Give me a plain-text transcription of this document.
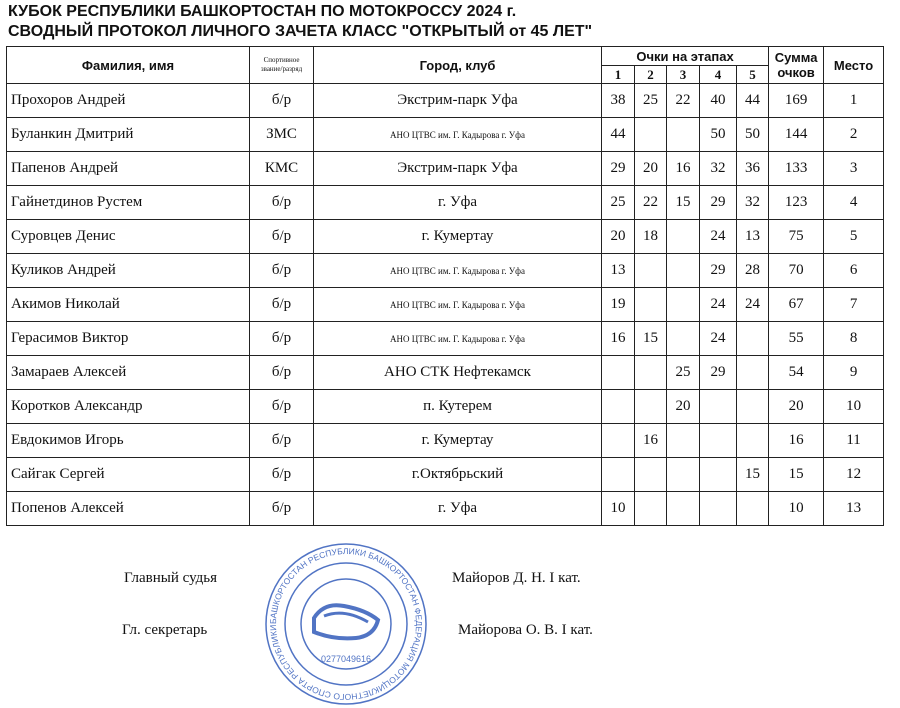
КУБОК РЕСПУБЛИКИ БАШКОРТОСТАН ПО МОТОКРОССУ 2024 г.
СВОДНЫЙ ПРОТОКОЛ ЛИЧНОГО ЗАЧЕТА КЛАСС "ОТКРЫТЫЙ от 45 ЛЕТ"
Фамилия, имя	Спортивное
звание/разряд	Город, клуб	Очки на этапах					Сумма
очков	Место
			1	2	3	4	5		
Прохоров Андрей	б/р	Экстрим-парк Уфа	38	25	22	40	44	169	1
Буланкин Дмитрий	ЗМС	АНО ЦТВС им. Г. Кадырова г. Уфа	44			50	50	144	2
Папенов Андрей	КМС	Экстрим-парк Уфа	29	20	16	32	36	133	3
Гайнетдинов Рустем	б/р	г. Уфа	25	22	15	29	32	123	4
Суровцев Денис	б/р	г. Кумертау	20	18		24	13	75	5
Куликов Андрей	б/р	АНО ЦТВС им. Г. Кадырова г. Уфа	13			29	28	70	6
Акимов Николай	б/р	АНО ЦТВС им. Г. Кадырова г. Уфа	19			24	24	67	7
Герасимов Виктор	б/р	АНО ЦТВС им. Г. Кадырова г. Уфа	16	15		24		55	8
Замараев Алексей	б/р	АНО СТК Нефтекамск			25	29		54	9
Коротков Александр	б/р	п. Кутерем			20			20	10
Евдокимов Игорь	б/р	г. Кумертау		16				16	11
Сайгак Сергей	б/р	г.Октябрьский					15	15	12
Попенов Алексей	б/р	г. Уфа	10					10	13
Главный судья	Майоров Д. Н. I кат.
Гл. секретарь	Майорова О. В. I кат.
БАШКОРТОСТАН РЕСПУБЛИКИ БАШКОРТОСТАН ФЕДЕРАЦИЯ МОТОЦИКЛЕТНОГО СПОРТА РЕСПУБЛИКИ
0277049616
